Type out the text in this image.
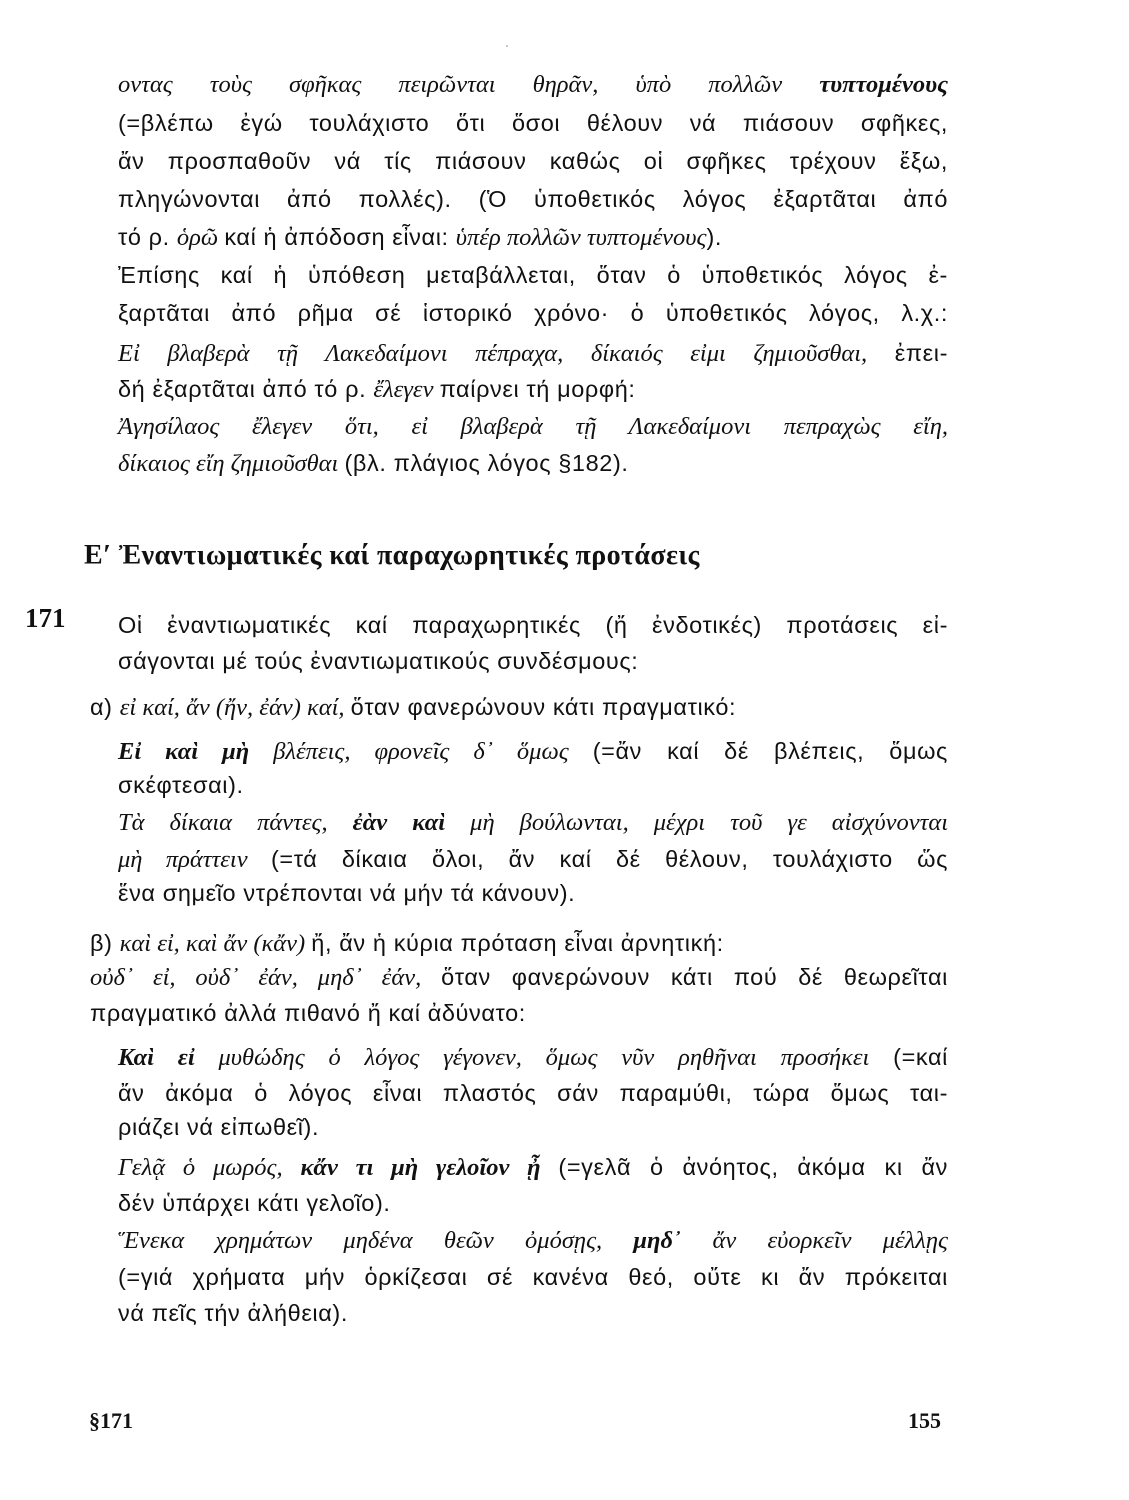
οντας τοὺς σφῆκας πειρῶνται θηρᾶν, ὑπὸ πολλῶν τυπτομένους
(=βλέπω ἐγώ τουλάχιστο ὅτι ὅσοι θέλουν νά πιάσουν σφῆκες,
ἄν προσπαθοῦν νά τίς πιάσουν καθώς οἱ σφῆκες τρέχουν ἔξω,
πληγώνονται ἀπό πολλές). (Ὁ ὑποθετικός λόγος ἐξαρτᾶται ἀπό
τό ρ. ὁρῶ καί ἡ ἀπόδοση εἶναι: ὑπέρ πολλῶν τυπτομένους).
Ἐπίσης καί ἡ ὑπόθεση μεταβάλλεται, ὅταν ὁ ὑποθετικός λόγος ἐ-
ξαρτᾶται ἀπό ρῆμα σέ ἱστορικό χρόνο· ὁ ὑποθετικός λόγος, λ.χ.:
Εἰ βλαβερὰ τῇ Λακεδαίμονι πέπραχα, δίκαιός εἰμι ζημιοῦσθαι, ἐπει-
δή ἐξαρτᾶται ἀπό τό ρ. ἔλεγεν παίρνει τή μορφή:
Ἀγησίλαος ἔλεγεν ὅτι, εἰ βλαβερὰ τῇ Λακεδαίμονι πεπραχὼς εἴη,
δίκαιος εἴη ζημιοῦσθαι (βλ. πλάγιος λόγος §182).
Ε′ Ἐναντιωματικές καί παραχωρητικές προτάσεις
171 Οἱ ἐναντιωματικές καί παραχωρητικές (ἤ ἐνδοτικές) προτάσεις εἰ-
σάγονται μέ τούς ἐναντιωματικούς συνδέσμους:
α) εἰ καί, ἄν (ἤν, ἐάν) καί, ὅταν φανερώνουν κάτι πραγματικό:
Εἰ καὶ μὴ βλέπεις, φρονεῖς δ᾽ ὅμως (=ἄν καί δέ βλέπεις, ὅμως
σκέφτεσαι).
Τὰ δίκαια πάντες, ἐὰν καὶ μὴ βούλωνται, μέχρι τοῦ γε αἰσχύνονται
μὴ πράττειν (=τά δίκαια ὅλοι, ἄν καί δέ θέλουν, τουλάχιστο ὥς
ἕνα σημεῖο ντρέπονται νά μήν τά κάνουν).
β) καὶ εἰ, καὶ ἄν (κἄν) ἤ, ἄν ἡ κύρια πρόταση εἶναι ἀρνητική:
οὐδ᾽ εἰ, οὐδ᾽ ἐάν, μηδ᾽ ἐάν, ὅταν φανερώνουν κάτι πού δέ θεωρεῖται
πραγματικό ἀλλά πιθανό ἤ καί ἀδύνατο:
Καὶ εἰ μυθώδης ὁ λόγος γέγονεν, ὅμως νῦν ρηθῆναι προσήκει (=καί
ἄν ἀκόμα ὁ λόγος εἶναι πλαστός σάν παραμύθι, τώρα ὅμως ται-
ριάζει νά εἰπωθεῖ).
Γελᾷ ὁ μωρός, κἄν τι μὴ γελοῖον ᾖ (=γελᾶ ὁ ἀνόητος, ἀκόμα κι ἄν
δέν ὑπάρχει κάτι γελοῖο).
Ἕνεκα χρημάτων μηδένα θεῶν ὀμόσῃς, μηδ᾽ ἄν εὐορκεῖν μέλλῃς
(=γιά χρήματα μήν ὁρκίζεσαι σέ κανένα θεό, οὔτε κι ἄν πρόκειται
νά πεῖς τήν ἀλήθεια).
§171	155
